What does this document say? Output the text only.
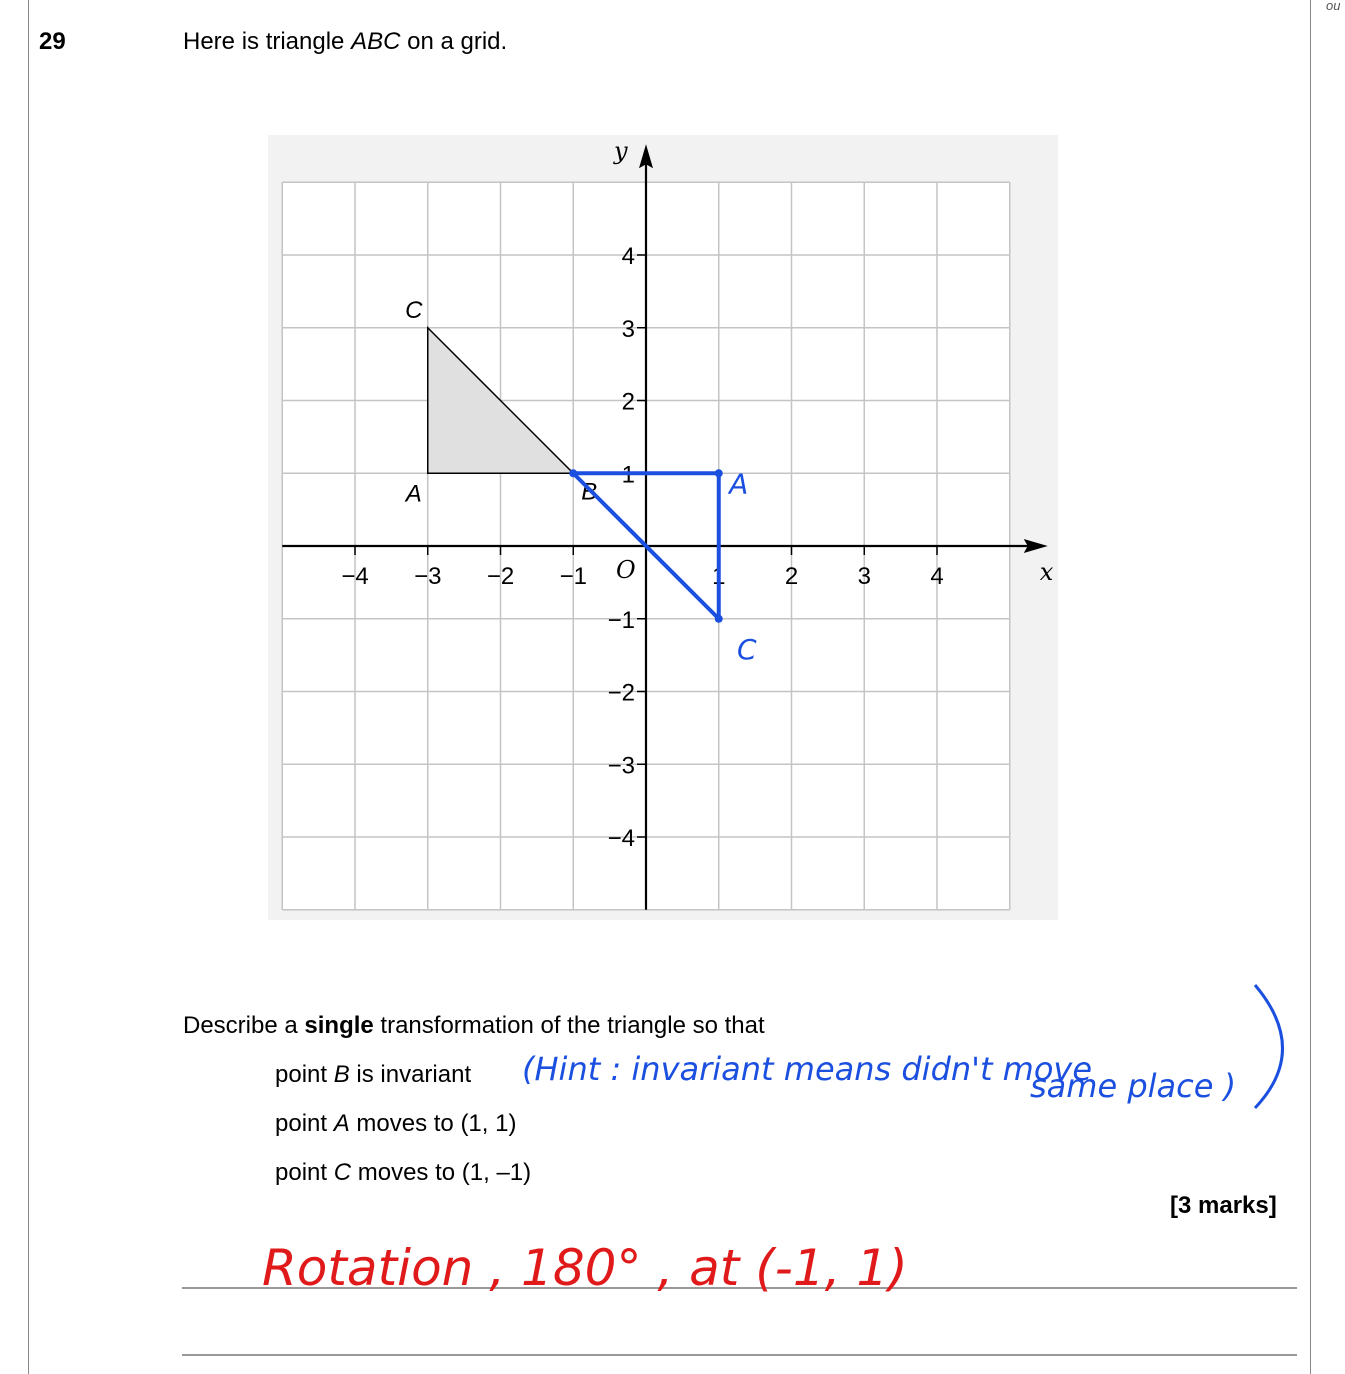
ou
29	Here is triangle ABC on a grid.
x
y
O
−4 −3 −2 −1	1 2 3 4
4
3
2
1
−1
−2
−3
−4
A	B
C
A
C
Describe a single transformation of the triangle so that
point B is invariant
point A moves to (1, 1)
point C moves to (1, –1)
[3 marks]
(Hint : invariant means didn't move
same place )
Rotation , 180° , at (-1, 1)
